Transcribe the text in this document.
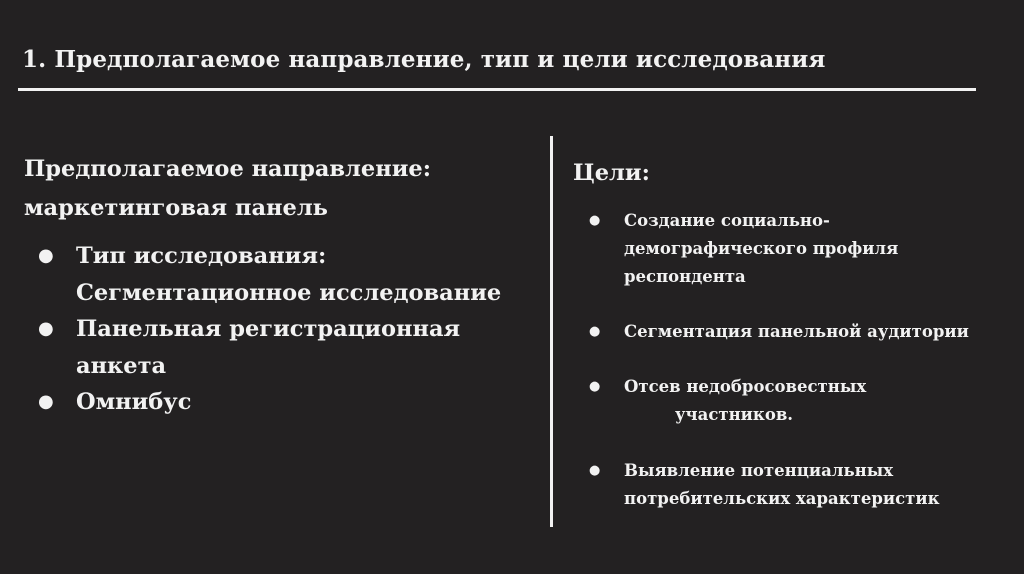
1. Предполагаемое направление, тип и цели исследования
Предполагаемое направление:
маркетинговая панель
● Тип исследования:
Сегментационное исследование
● Панельная регистрационная
анкета
● Омнибус
Цели:
● Создание социально-
демографического профиля
респондента
● Сегментация панельной аудитории
● Отсев недобросовестных
участников.
● Выявление потенциальных
потребительских характеристик
